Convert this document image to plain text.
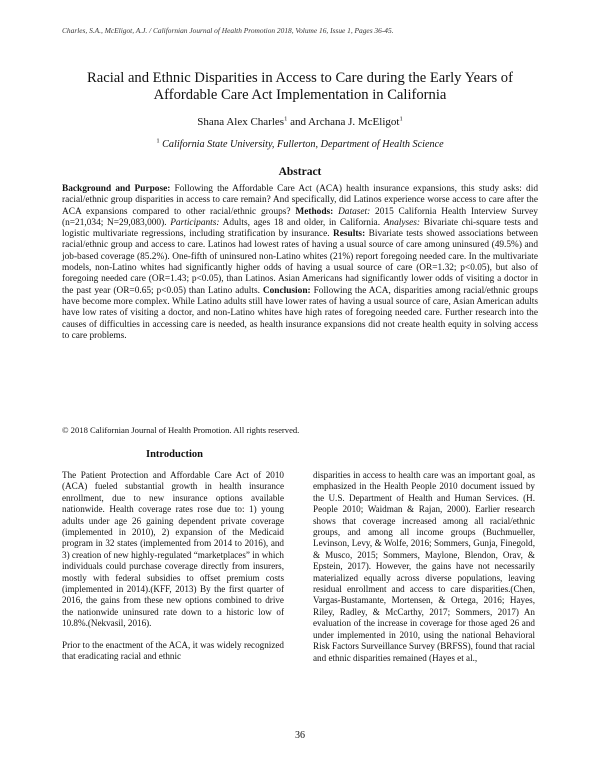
Charles, S.A., McEligot, A.J. / Californian Journal of Health Promotion 2018, Volume 16, Issue 1, Pages 36-45.
Racial and Ethnic Disparities in Access to Care during the Early Years of
Affordable Care Act Implementation in California
Shana Alex Charles$^1$ and Archana J. McEligot$^1$
$^1$ California State University, Fullerton, Department of Health Science
Abstract
Background and Purpose: Following the Affordable Care Act (ACA) health insurance expansions, this study asks: did racial/ethnic group disparities in access to care remain? And specifically, did Latinos experience worse access to care after the ACA expansions compared to other racial/ethnic groups? Methods: Dataset: 2015 California Health Interview Survey (n=21,034; N=29,083,000). Participants: Adults, ages 18 and older, in California. Analyses: Bivariate chi-square tests and logistic multivariate regressions, including stratification by insurance. Results: Bivariate tests showed associations between racial/ethnic group and access to care. Latinos had lowest rates of having a usual source of care among uninsured (49.5%) and job-based coverage (85.2%). One-fifth of uninsured non-Latino whites (21%) report foregoing needed care. In the multivariate models, non-Latino whites had significantly higher odds of having a usual source of care (OR=1.32; p<0.05), but also of foregoing needed care (OR=1.43; p<0.05), than Latinos. Asian Americans had significantly lower odds of visiting a doctor in the past year (OR=0.65; p<0.05) than Latino adults. Conclusion: Following the ACA, disparities among racial/ethnic groups have become more complex. While Latino adults still have lower rates of having a usual source of care, Asian American adults have low rates of visiting a doctor, and non-Latino whites have high rates of foregoing needed care. Further research into the causes of difficulties in accessing care is needed, as health insurance expansions did not create health equity in solving access to care problems.
© 2018 Californian Journal of Health Promotion. All rights reserved.
Introduction

The Patient Protection and Affordable Care Act of 2010 (ACA) fueled substantial growth in health insurance enrollment, due to new insurance options available nationwide. Health coverage rates rose due to: 1) young adults under age 26 gaining dependent private coverage (implemented in 2010), 2) expansion of the Medicaid program in 32 states (implemented from 2014 to 2016), and 3) creation of new highly-regulated “marketplaces” in which individuals could purchase coverage directly from insurers, mostly with federal subsidies to offset premium costs (implemented in 2014).(KFF, 2013) By the first quarter of 2016, the gains from these new options combined to drive the nationwide uninsured rate down to a historic low of 10.8%.(Nekvasil, 2016).

Prior to the enactment of the ACA, it was widely recognized that eradicating racial and ethnic

disparities in access to health care was an important goal, as emphasized in the Health People 2010 document issued by the U.S. Department of Health and Human Services. (H. People 2010; Waidman & Rajan, 2000). Earlier research shows that coverage increased among all racial/ethnic groups, and among all income groups (Buchmueller, Levinson, Levy, & Wolfe, 2016; Sommers, Gunja, Finegold, & Musco, 2015; Sommers, Maylone, Blendon, Orav, & Epstein, 2017). However, the gains have not necessarily materialized equally across diverse populations, leaving residual enrollment and access to care disparities.(Chen, Vargas-Bustamante, Mortensen, & Ortega, 2016; Hayes, Riley, Radley, & McCarthy, 2017; Sommers, 2017) An evaluation of the increase in coverage for those aged 26 and under implemented in 2010, using the national Behavioral Risk Factors Surveillance Survey (BRFSS), found that racial and ethnic disparities remained (Hayes et al.,

36
